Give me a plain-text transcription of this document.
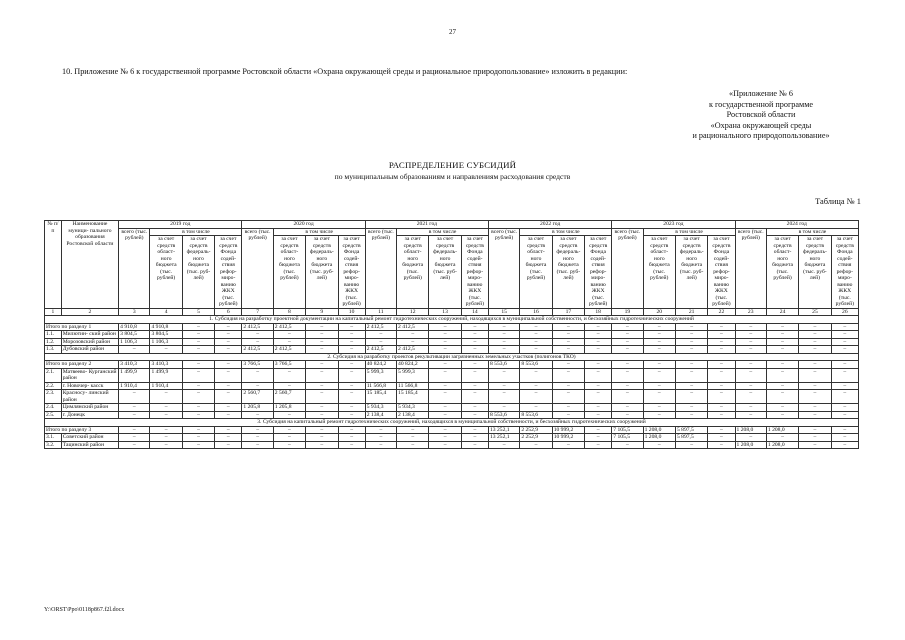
27
10. Приложение № 6 к государственной программе Ростовской области «Охрана окружающей среды и рациональное природопользование» изложить в редакции:
«Приложение № 6
к государственной программе
Ростовской области
«Охрана окружающей среды
и рационального природопользование»
РАСПРЕДЕЛЕНИЕ СУБСИДИЙ
по муниципальным образованиям и направлениям расходования средств
Таблица № 1
№ п/п	Наименование муници- пального образования Ростовской области	2019 год				2020 год				2021 год				2022 год				2023 год				2024 год			
		всего (тыс. рублей)	в том числе			всего (тыс. рублей)	в том числе			всего (тыс. рублей)	в том числе			всего (тыс. рублей)	в том числе			всего (тыс. рублей)	в том числе			всего (тыс. рублей)	в том числе		
			за счет средств област- ного бюджета (тыс. рублей)	за счет средств федераль- ного бюджета (тыс. руб- лей)	за счет средств Фонда содей- ствия рефор- миро- ванию ЖКХ (тыс. рублей)		за счет средств област- ного бюджета (тыс. рублей)	за счет средств федераль- ного бюджета (тыс. руб- лей)	за счет средств Фонда содей- ствия рефор- миро- ванию ЖКХ (тыс. рублей)		за счет средств област- ного бюджета (тыс. рублей)	за счет средств федераль- ного бюджета (тыс. руб- лей)	за счет средств Фонда содей- ствия рефор- миро- ванию ЖКХ (тыс. рублей)		за счет средств област- ного бюджета (тыс. рублей)	за счет средств федераль- ного бюджета (тыс. руб- лей)	за счет средств Фонда содей- ствия рефор- миро- ванию ЖКХ (тыс. рублей)		за счет средств област- ного бюджета (тыс. рублей)	за счет средств федераль- ного бюджета (тыс. руб- лей)	за счет средств Фонда содей- ствия рефор- миро- ванию ЖКХ (тыс. рублей)		за счет средств област- ного бюджета (тыс. рублей)	за счет средств федераль- ного бюджета (тыс. руб- лей)	за счет средств Фонда содей- ствия рефор- миро- ванию ЖКХ (тыс. рублей)
1	2	3	4	5	6	7	8	9	10	11	12	13	14	15	16	17	18	19	20	21	22	23	24	25	26
1. Субсидия на разработку проектной документации на капитальный ремонт гидротехнических сооружений, находящихся в муниципальной собственности, и бесхозяйных гидротехнических сооружений																									
Итого по разделу 1		4 910,8	4 910,8	–	–	2 412,5	2 412,5	–	–	2 412,5	2 412,5	–	–	–	–	–	–	–	–	–	–	–	–	–	–
1.1.	Милютин- ский район	3 804,5	3 804,5	–	–	–	–	–	–	–	–	–	–	–	–	–	–	–	–	–	–	–	–	–	–
1.2.	Морозовский район	1 106,3	1 106,3	–	–	–	–	–	–	–	–	–	–	–	–	–	–	–	–	–	–	–	–	–	–
1.3.	Дубовский район	–	–	–	–	2 412,5	2 412,5	–	–	2 412,5	2 412,5	–	–	–	–	–	–	–	–	–	–	–	–	–	–
2. Субсидия на разработку проектов рекультивации загрязненных земельных участков (полигонов ТКО)																									
Итого по разделу 2		3 410,3	3 410,3	–	–	3 766,5	3 766,5	–	–	40 824,2	40 824,2	–	–	8 553,6	8 553,6	–	–	–	–	–	–	–	–	–	–
2.1.	Матвеево- Курганский район	1 499,9	1 499,9	–	–	–	–	–	–	5 999,3	5 999,3	–	–	–	–	–	–	–	–	–	–	–	–	–	–
2.2.	г. Новочер- касск	1 910,4	1 910,4	–	–	–	–	–	–	11 566,8	11 566,8	–	–	–	–	–	–	–	–	–	–	–	–	–	–
2.3.	Красносу- линский район	–	–	–	–	2 560,7	2 560,7	–	–	15 185,4	15 185,4	–	–	–	–	–	–	–	–	–	–	–	–	–	–
2.4.	Цимлянский район	–	–	–	–	1 205,8	1 205,8	–	–	5 934,3	5 934,3	–	–	–	–	–	–	–	–	–	–	–	–	–	–
2.5.	г. Донецк	–	–	–	–	–	–	–	–	2 138,4	2 138,4	–	–	8 553,6	8 553,6	–	–	–	–	–	–	–	–	–	–
3. Субсидия на капитальный ремонт гидротехнических сооружений, находящихся в муниципальной собственности, и бесхозяйных гидротехнических сооружений																									
Итого по разделу 3		–	–	–	–	–	–	–	–	–	–	–	–	13 252,1	2 252,9	10 999,2	–	7 105,5	1 208,0	5 897,5	–	1 208,0	1 208,0	–	–
3.1.	Советский район	–	–	–	–	–	–	–	–	–	–	–	–	13 252,1	2 252,9	10 999,2	–	7 105,5	1 208,0	5 897,5	–	–	–	–	–
3.2.	Тацинский район	–	–	–	–	–	–	–	–	–	–	–	–	–	–	–	–	–	–	–	–	1 208,0	1 208,0	–	–
Y:\ORST\Ppo\0118p867.f2l.docx
